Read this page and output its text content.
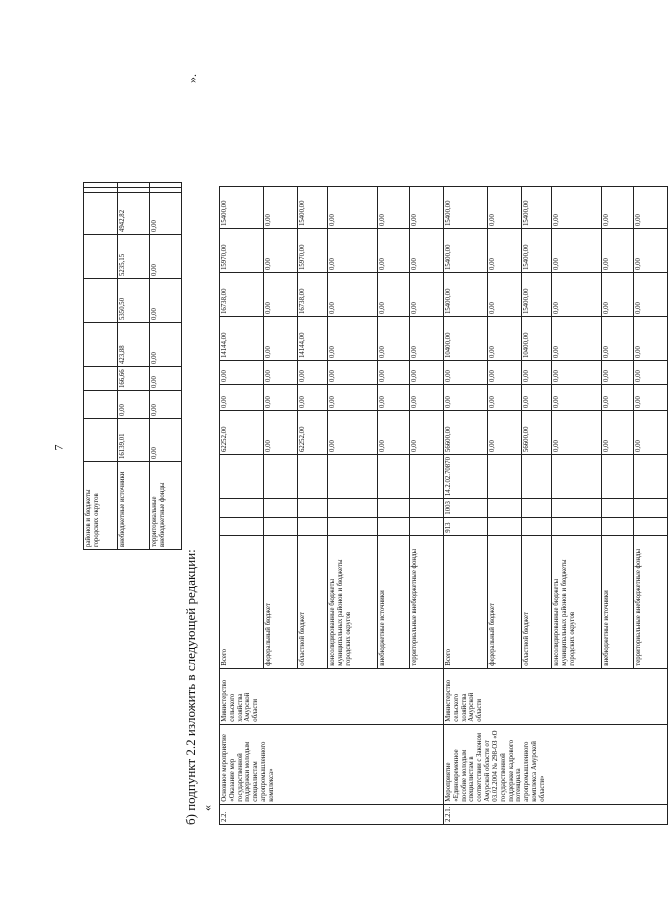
7
районов и бюджеты городских округов									
внебюджетные источники	16139,01	0,00	166,66	423,88	5350,50	5235,15	4942,82		
территориальные внебюджетные фонды	0,00	0,00	0,00	0,00	0,00	0,00	0,00		
б) подпункт 2.2 изложить в следующей редакции: «
».
2.2.	Основное мероприятие «Оказание мер государственной поддержки молодым специалистам агропромышленного комплекса»	Министерство сельского хозяйства Амурской области	Всего				62252,00	0,00	0,00	14144,00	16738,00	15970,00	15400,00
			федеральный бюджет				0,00	0,00	0,00	0,00	0,00	0,00	0,00
			областной бюджет				62252,00	0,00	0,00	14144,00	16738,00	15970,00	15400,00
			консолидированные бюджеты муниципальных районов и бюджеты городских округов				0,00	0,00	0,00	0,00	0,00	0,00	0,00
			внебюджетные источники				0,00	0,00	0,00	0,00	0,00	0,00	0,00
			территориальные внебюджетные фонды				0,00	0,00	0,00	0,00	0,00	0,00	0,00
2.2.1.	Мероприятие «Единовременное пособие молодым специалистам в соответствии с Законом Амурской области от 03.02.2004 № 298-ОЗ «О государственной поддержке кадрового потенциала агропромышленного комплекса Амурской области»	Министерство сельского хозяйства Амурской области	Всего	913	1003	14.2.02.70870	56600,00	0,00	0,00	10400,00	15400,00	15400,00	15400,00
			федеральный бюджет				0,00	0,00	0,00	0,00	0,00	0,00	0,00
			областной бюджет				56600,00	0,00	0,00	10400,00	15400,00	15400,00	15400,00
			консолидированные бюджеты муниципальных районов и бюджеты городских округов				0,00	0,00	0,00	0,00	0,00	0,00	0,00
			внебюджетные источники				0,00	0,00	0,00	0,00	0,00	0,00	0,00
			территориальные внебюджетные фонды				0,00	0,00	0,00	0,00	0,00	0,00	0,00
